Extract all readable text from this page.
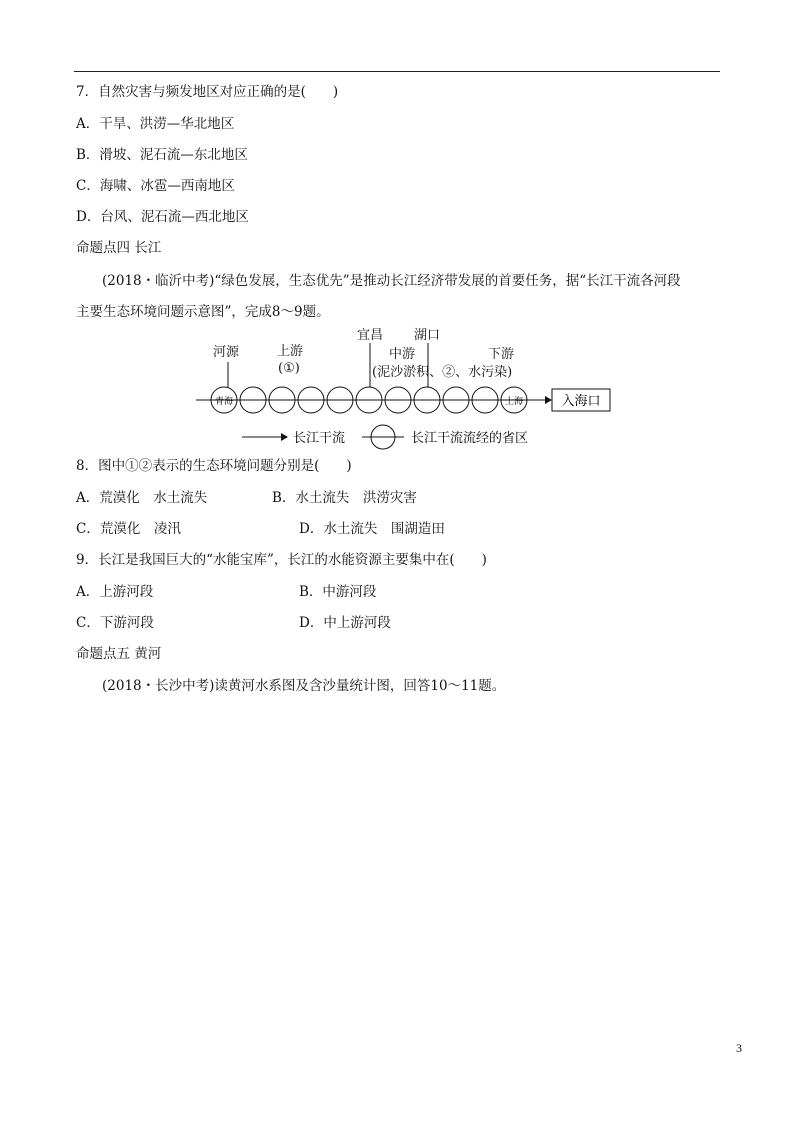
7．自然灾害与频发地区对应正确的是(　　)
A．干旱、洪涝—华北地区
B．滑坡、泥石流—东北地区
C．海啸、冰雹—西南地区
D．台风、泥石流—西北地区
命题点四 长江
(2018・临沂中考)“绿色发展，生态优先”是推动长江经济带发展的首要任务，据“长江干流各河段
主要生态环境问题示意图”，完成8～9题。
河源	上游
(①)
宜昌 湖口
中游
(泥沙淤积、②、水污染)
下游
青海	上海	入海口
长江干流	长江干流流经的省区
8．图中①②表示的生态环境问题分别是(　　)
A．荒漠化　水土流失	B．水土流失　洪涝灾害
C．荒漠化　凌汛	D．水土流失　围湖造田
9．长江是我国巨大的“水能宝库”，长江的水能资源主要集中在(　　)
A．上游河段	B．中游河段
C．下游河段	D．中上游河段
命题点五 黄河
(2018・长沙中考)读黄河水系图及含沙量统计图，回答10～11题。
3
